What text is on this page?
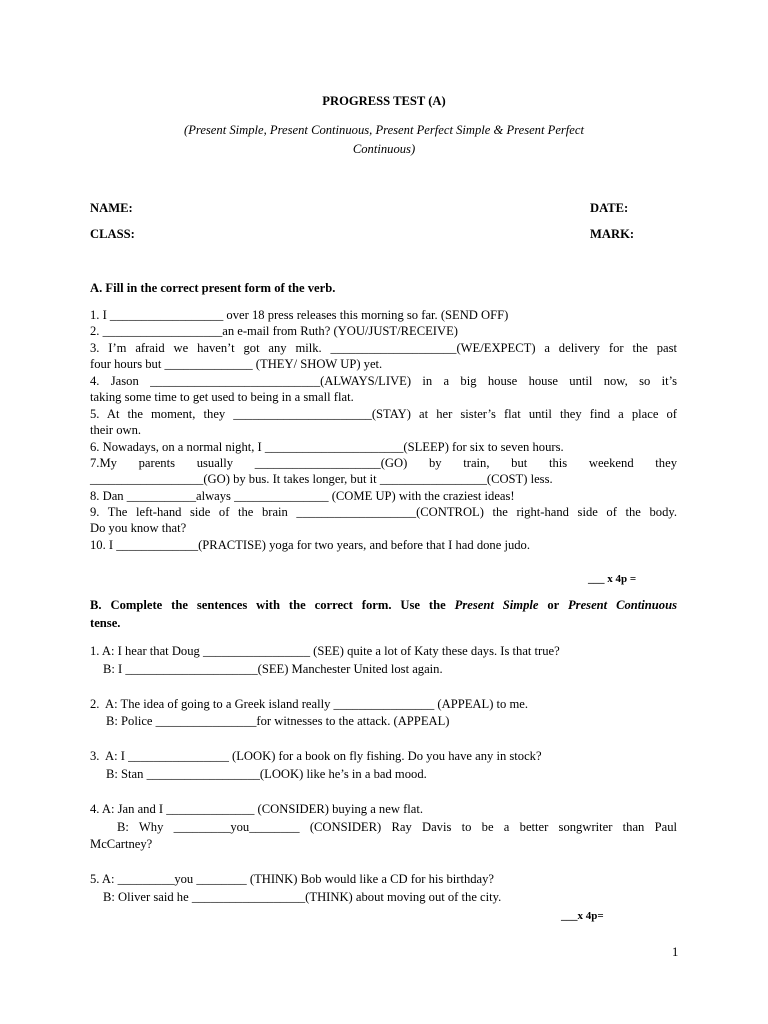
PROGRESS TEST (A)
(Present Simple, Present Continuous, Present Perfect Simple & Present Perfect
Continuous)
NAME:	DATE:
CLASS:	MARK:
A. Fill in the correct present form of the verb.
1. I __________________ over 18 press releases this morning so far. (SEND OFF)
2. ___________________an e-mail from Ruth? (YOU/JUST/RECEIVE)
3. I’m afraid we haven’t got any milk. ____________________(WE/EXPECT) a delivery for the past
four hours but ______________ (THEY/ SHOW UP) yet.
4. Jason ___________________________(ALWAYS/LIVE) in a big house house until now, so it’s
taking some time to get used to being in a small flat.
5. At the moment, they ______________________(STAY) at her sister’s flat until they find a place of
their own.
6. Nowadays, on a normal night, I ______________________(SLEEP) for six to seven hours.
7.My parents usually ____________________(GO) by train, but this weekend they
__________________(GO) by bus. It takes longer, but it _________________(COST) less.
8. Dan ___________always _______________ (COME UP) with the craziest ideas!
9. The left-hand side of the brain ___________________(CONTROL) the right-hand side of the body.
Do you know that?
10. I _____________(PRACTISE) yoga for two years, and before that I had done judo.
___ x 4p =
B. Complete the sentences with the correct form. Use the Present Simple or Present Continuous
tense.
1. A: I hear that Doug _________________ (SEE) quite a lot of Katy these days. Is that true?
B: I _____________________(SEE) Manchester United lost again.
2.  A: The idea of going to a Greek island really ________________ (APPEAL) to me.
B: Police ________________for witnesses to the attack. (APPEAL)
3.  A: I ________________ (LOOK) for a book on fly fishing. Do you have any in stock?
B: Stan __________________(LOOK) like he’s in a bad mood.
4. A: Jan and I ______________ (CONSIDER) buying a new flat.
B: Why _________you________ (CONSIDER) Ray Davis to be a better songwriter than Paul
McCartney?
5. A: _________you ________ (THINK) Bob would like a CD for his birthday?
B: Oliver said he __________________(THINK) about moving out of the city.
___x 4p=
1
